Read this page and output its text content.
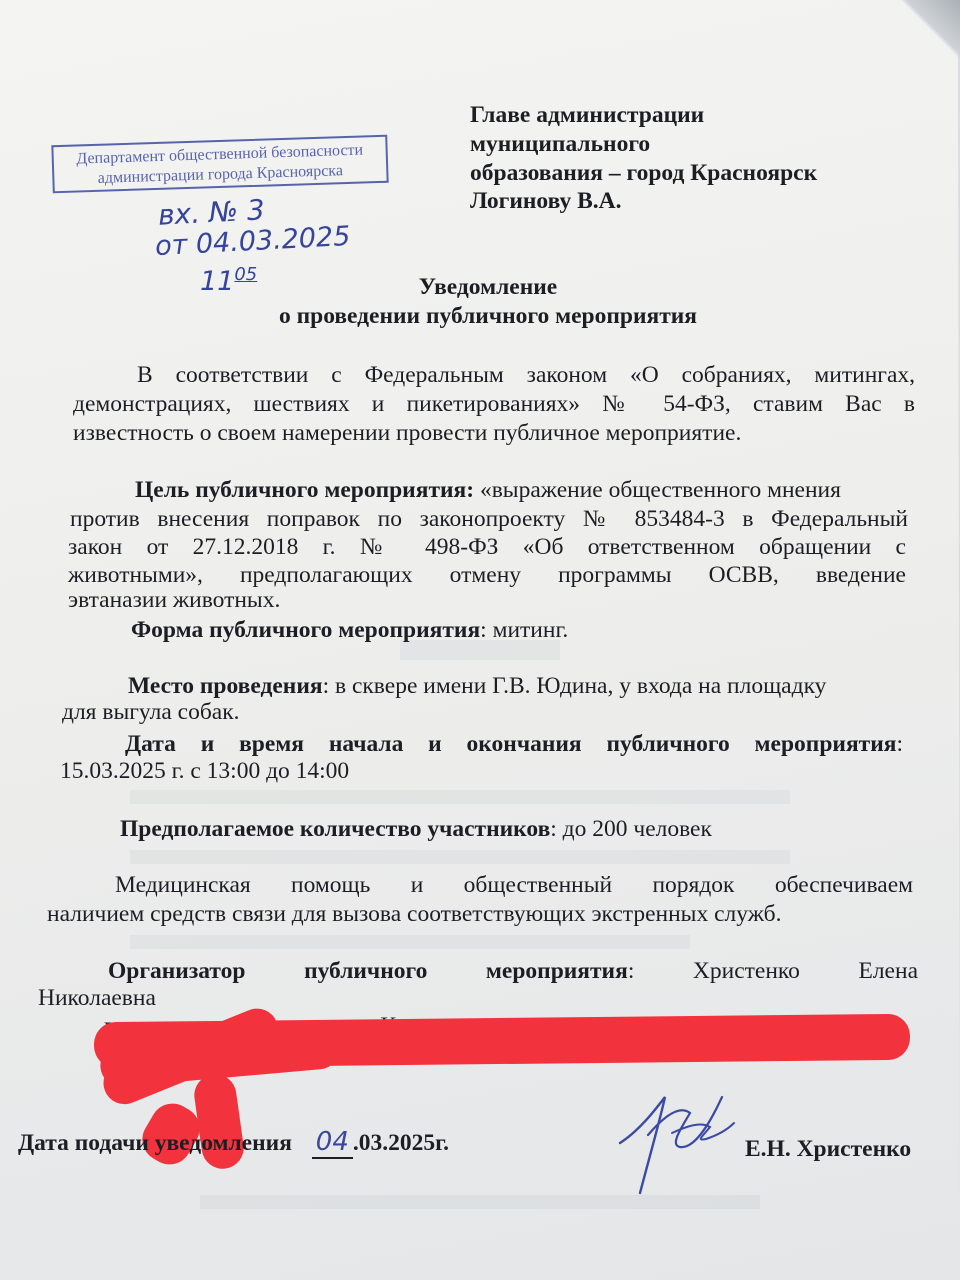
Главе администрации
муниципального
образования – город Красноярск
Логинову В.А.
Департамент общественной безопасности
администрации города Красноярска
вх. № 3
от 04.03.2025
$11^{05}$	Уведомление
о проведении публичного мероприятия
В соответствии с Федеральным законом «О собраниях, митингах,
демонстрациях, шествиях и пикетированиях» № 54-ФЗ, ставим Вас в
известность о своем намерении провести публичное мероприятие.
Цель публичного мероприятия: «выражение общественного мнения
против внесения поправок по законопроекту № 853484-3 в Федеральный
закон от 27.12.2018 г. № 498-ФЗ «Об ответственном обращении с
животными», предполагающих отмену программы ОСВВ, введение
эвтаназии животных.
Форма публичного мероприятия: митинг.
Место проведения: в сквере имени Г.В. Юдина, у входа на площадку
для выгула собак.
Дата и время начала и окончания публичного мероприятия:
15.03.2025 г. с 13:00 до 14:00
Предполагаемое количество участников: до 200 человек
Медицинская помощь и общественный порядок обеспечиваем
наличием средств связи для вызова соответствующих экстренных служб.
Организатор публичного мероприятия: Христенко Елена
Николаевна
Дата подачи уведомления 04 .03.2025г.	Е.Н. Христенко
